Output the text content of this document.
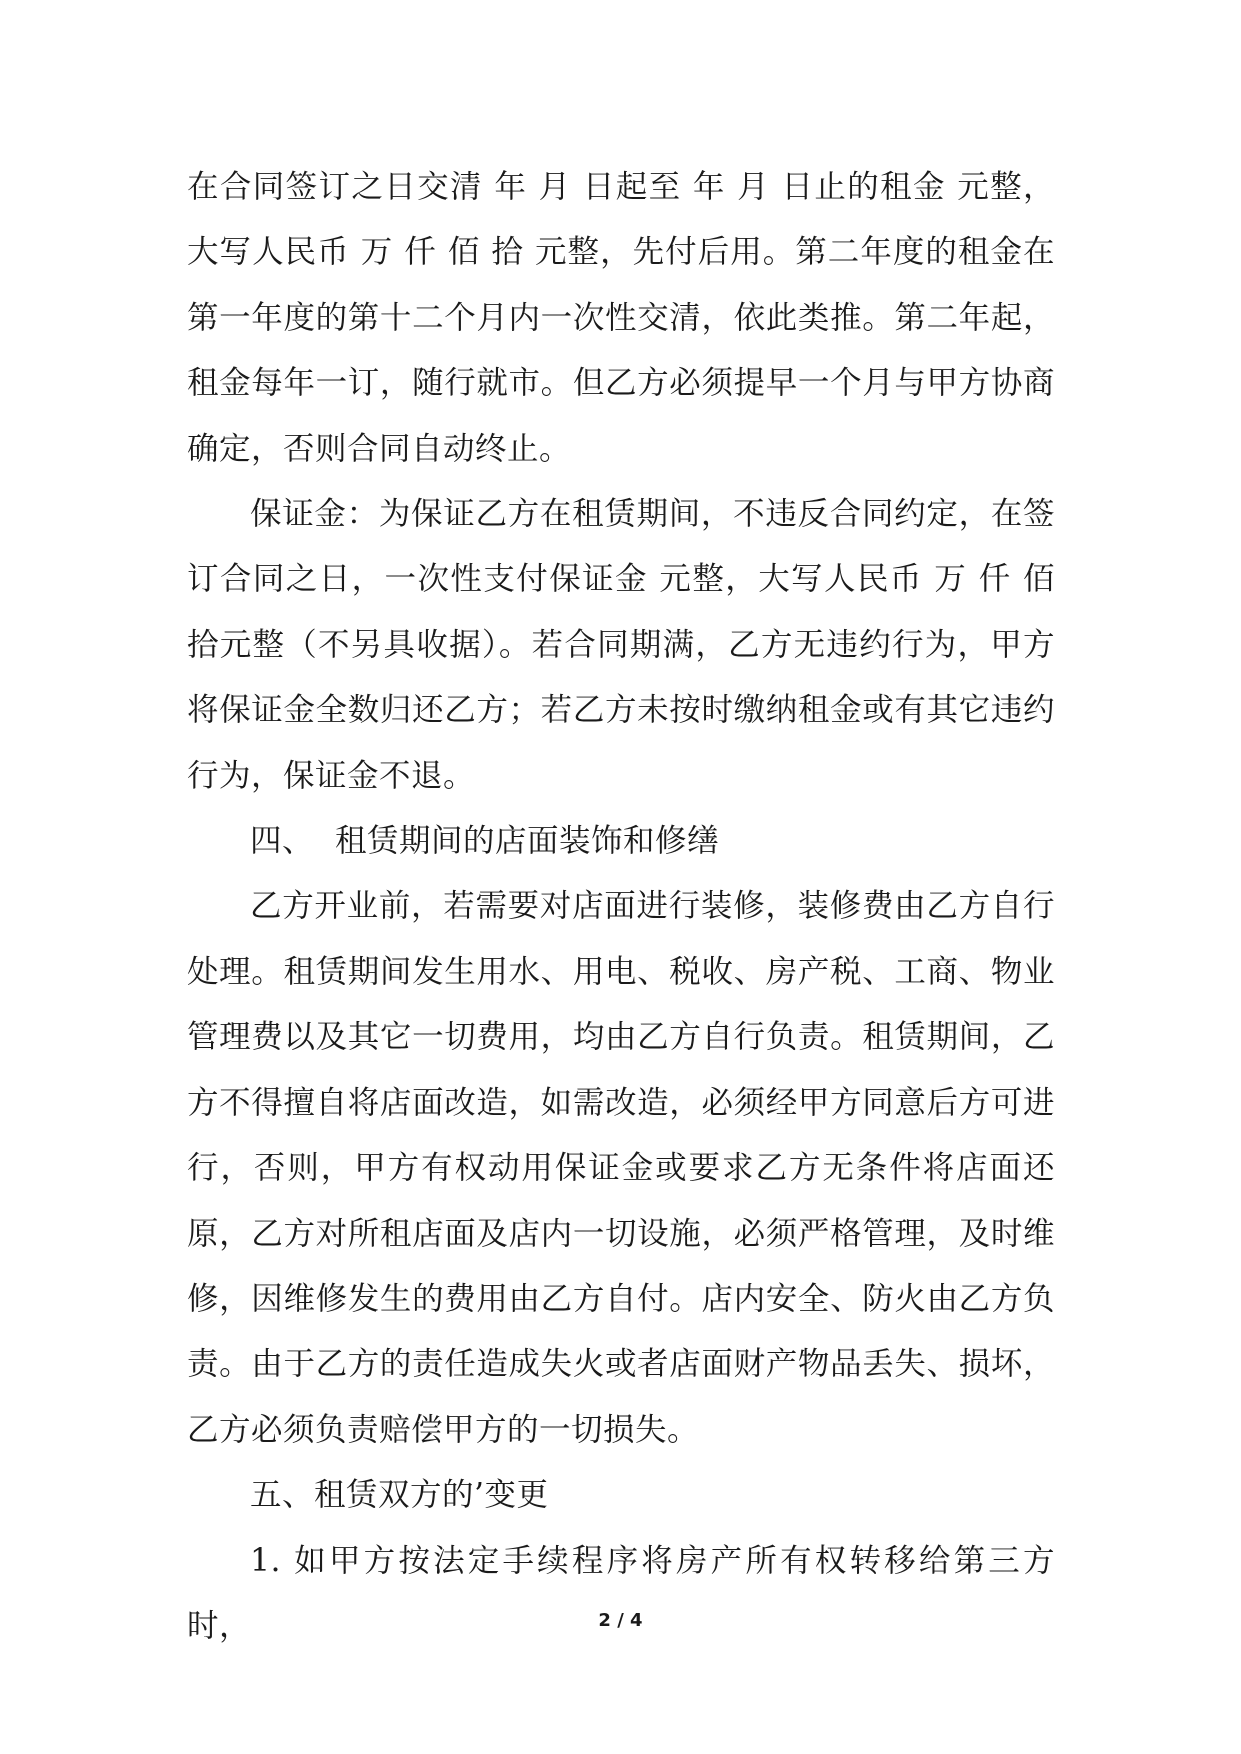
在合同签订之日交清 年 月 日起至 年 月 日止的租金 元整，大写人民币 万 仟 佰 拾 元整，先付后用。第二年度的租金在第一年度的第十二个月内一次性交清，依此类推。第二年起，租金每年一订，随行就市。但乙方必须提早一个月与甲方协商确定，否则合同自动终止。

保证金：为保证乙方在租赁期间，不违反合同约定，在签订合同之日，一次性支付保证金 元整，大写人民币 万 仟 佰 拾元整（不另具收据）。若合同期满，乙方无违约行为，甲方将保证金全数归还乙方；若乙方未按时缴纳租金或有其它违约行为，保证金不退。

四、  租赁期间的店面装饰和修缮

乙方开业前，若需要对店面进行装修，装修费由乙方自行处理。租赁期间发生用水、用电、税收、房产税、工商、物业管理费以及其它一切费用，均由乙方自行负责。租赁期间，乙方不得擅自将店面改造，如需改造，必须经甲方同意后方可进行，否则，甲方有权动用保证金或要求乙方无条件将店面还原，乙方对所租店面及店内一切设施，必须严格管理，及时维修，因维修发生的费用由乙方自付。店内安全、防火由乙方负责。由于乙方的责任造成失火或者店面财产物品丢失、损坏，乙方必须负责赔偿甲方的一切损失。

五、租赁双方的’变更

1. 如甲方按法定手续程序将房产所有权转移给第三方时，	2 / 4
